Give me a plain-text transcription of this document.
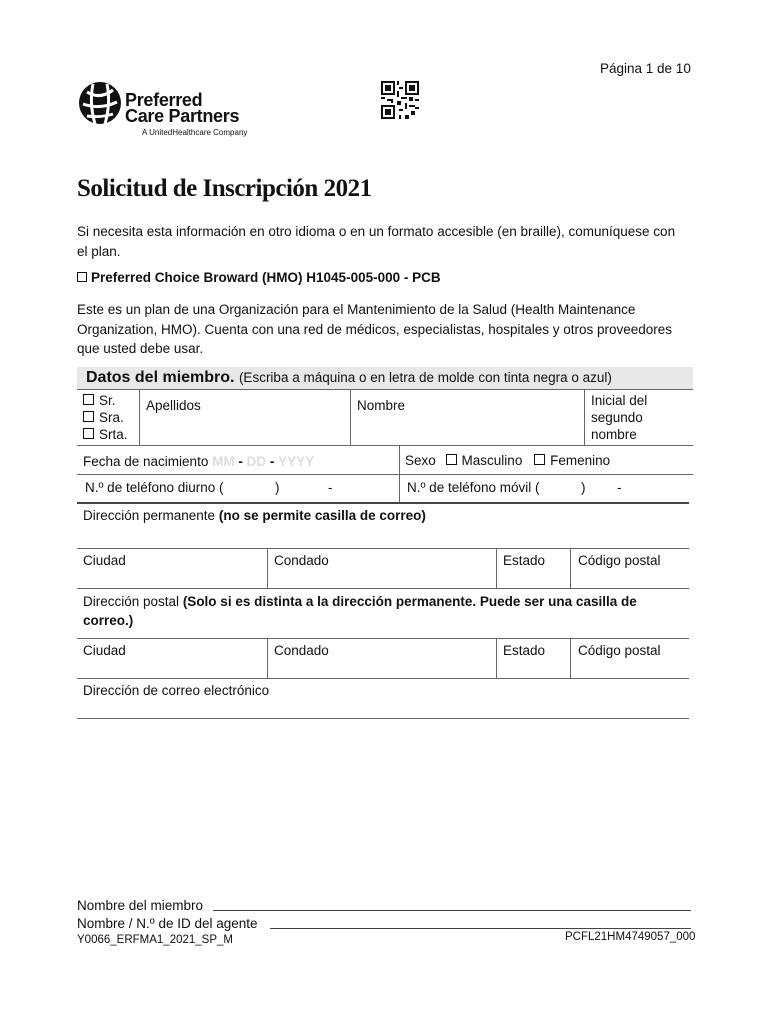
Página 1 de 10
Preferred
Care Partners
A UnitedHealthcare Company
Solicitud de Inscripción 2021
Si necesita esta información en otro idioma o en un formato accesible (en braille), comuníquese con el plan.
Preferred Choice Broward (HMO) H1045-005-000 - PCB
Este es un plan de una Organización para el Mantenimiento de la Salud (Health Maintenance Organization, HMO). Cuenta con una red de médicos, especialistas, hospitales y otros proveedores que usted debe usar.
Datos del miembro. (Escriba a máquina o en letra de molde con tinta negra o azul)
Sr.
Sra.
Srta.
Apellidos	Nombre	Inicial del
segundo
nombre
Fecha de nacimiento MM - DD - YYYY	Sexo Masculino Femenino
N.º de teléfono diurno (	)	-	N.º de teléfono móvil (	) -
Dirección permanente (no se permite casilla de correo)
Ciudad	Condado	Estado Código postal
Dirección postal (Solo si es distinta a la dirección permanente. Puede ser una casilla de
correo.)
Ciudad	Condado	Estado Código postal
Dirección de correo electrónico
Nombre del miembro
Nombre / N.º de ID del agente
Y0066_ERFMA1_2021_SP_M	PCFL21HM4749057_000
